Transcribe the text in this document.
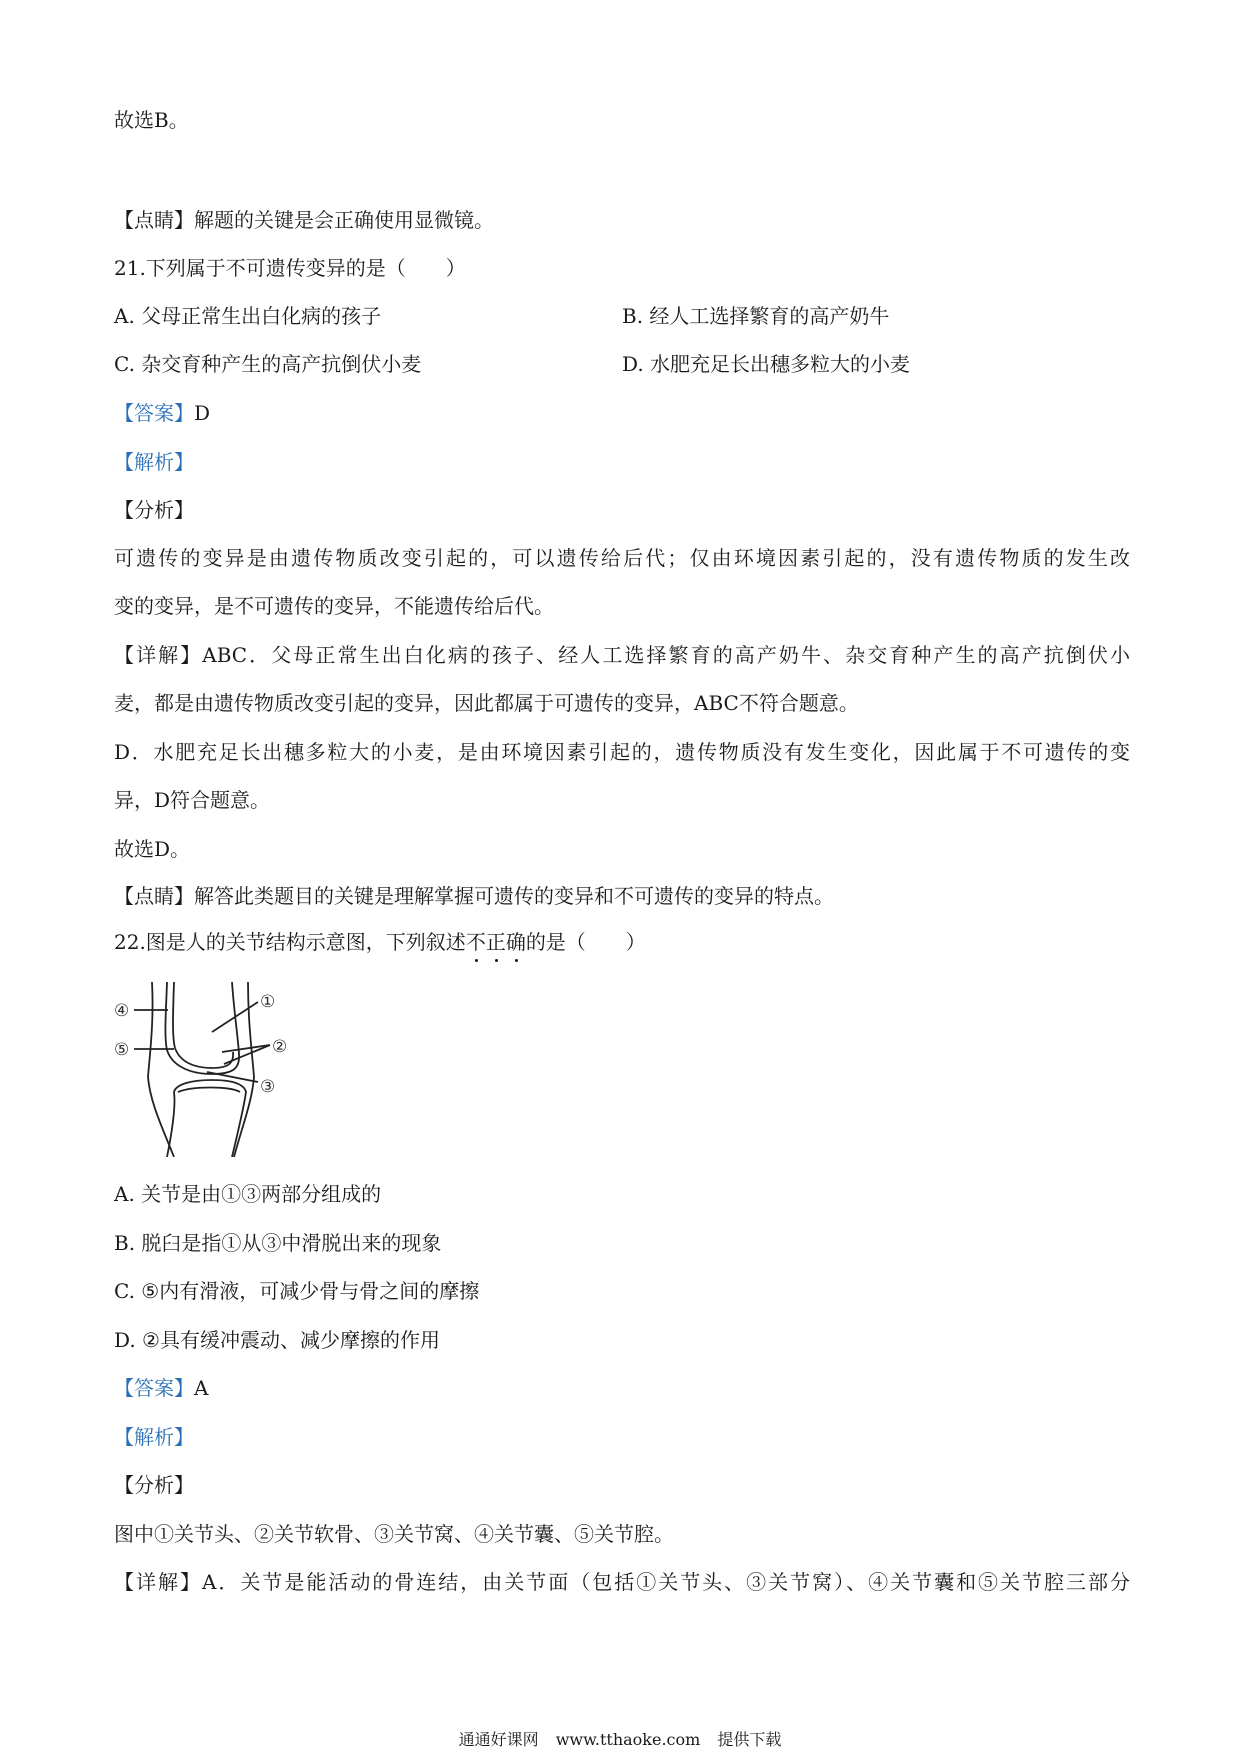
故选B。
【点睛】解题的关键是会正确使用显微镜。
21.下列属于不可遗传变异的是（　　）
A. 父母正常生出白化病的孩子	B. 经人工选择繁育的高产奶牛
C. 杂交育种产生的高产抗倒伏小麦	D. 水肥充足长出穗多粒大的小麦
【答案】D
【解析】
【分析】
可遗传的变异是由遗传物质改变引起的，可以遗传给后代；仅由环境因素引起的，没有遗传物质的发生改
变的变异，是不可遗传的变异，不能遗传给后代。
【详解】ABC．父母正常生出白化病的孩子、经人工选择繁育的高产奶牛、杂交育种产生的高产抗倒伏小
麦，都是由遗传物质改变引起的变异，因此都属于可遗传的变异，ABC不符合题意。
D．水肥充足长出穗多粒大的小麦，是由环境因素引起的，遗传物质没有发生变化，因此属于不可遗传的变
异，D符合题意。
故选D。
【点睛】解答此类题目的关键是理解掌握可遗传的变异和不可遗传的变异的特点。
22.图是人的关节结构示意图，下列叙述不正确的是（　　）
①
②
③
④
⑤
A. 关节是由①③两部分组成的
B. 脱臼是指①从③中滑脱出来的现象
C. ⑤内有滑液，可减少骨与骨之间的摩擦
D. ②具有缓冲震动、减少摩擦的作用
【答案】A
【解析】
【分析】
图中①关节头、②关节软骨、③关节窝、④关节囊、⑤关节腔。
【详解】A．关节是能活动的骨连结，由关节面（包括①关节头、③关节窝）、④关节囊和⑤关节腔三部分
通通好课网 www.tthaoke.com 提供下载
